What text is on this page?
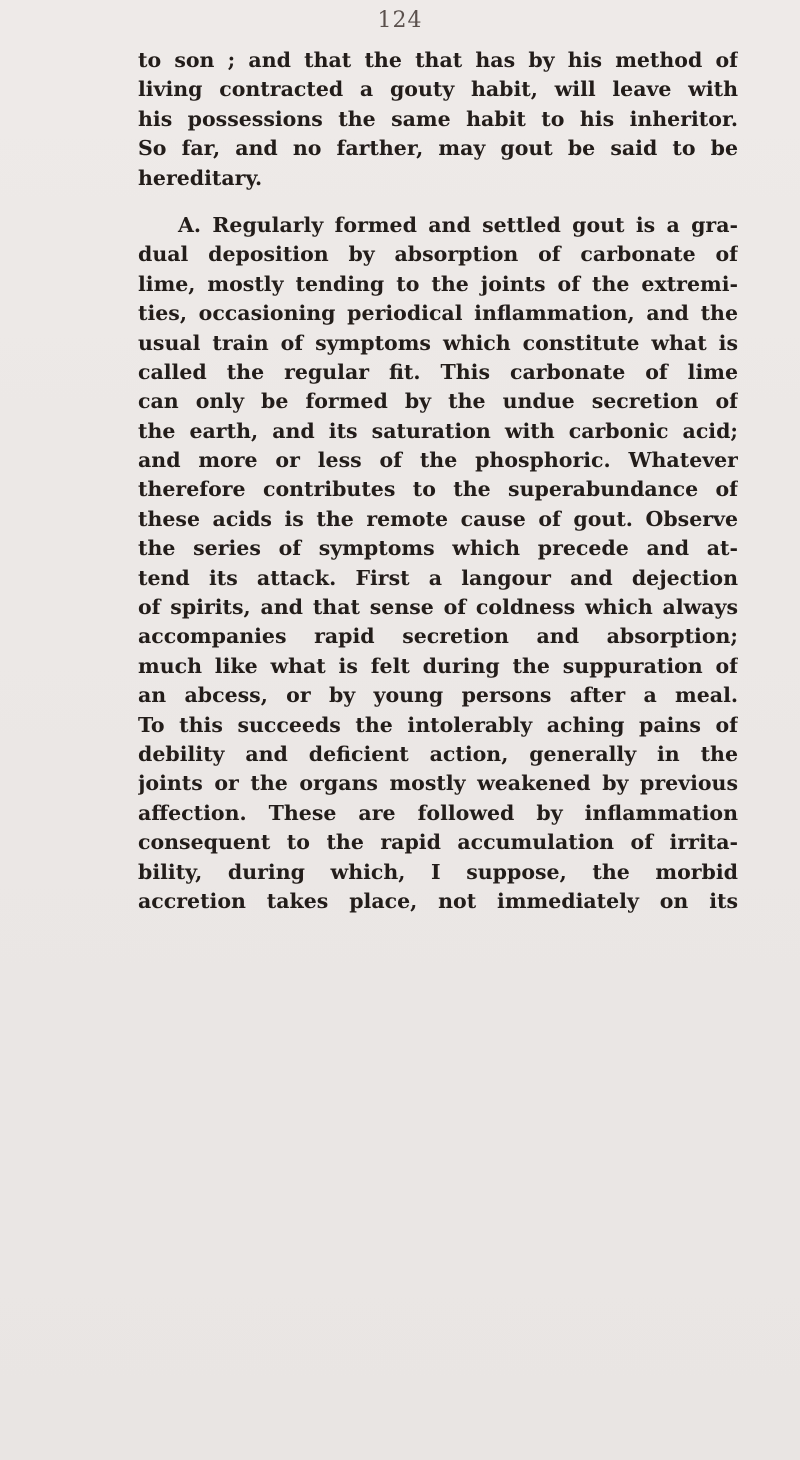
124
to son ; and that the that has by his method of
living contracted a gouty habit, will leave with
his possessions the same habit to his inheritor.
So far, and no farther, may gout be said to be
hereditary.
A. Regularly formed and settled gout is a gra-
dual deposition by absorption of carbonate of
lime, mostly tending to the joints of the extremi-
ties, occasioning periodical inflammation, and the
usual train of symptoms which constitute what is
called the regular fit. This carbonate of lime
can only be formed by the undue secretion of
the earth, and its saturation with carbonic acid;
and more or less of the phosphoric. Whatever
therefore contributes to the superabundance of
these acids is the remote cause of gout. Observe
the series of symptoms which precede and at-
tend its attack. First a langour and dejection
of spirits, and that sense of coldness which always
accompanies rapid secretion and absorption;
much like what is felt during the suppuration of
an abcess, or by young persons after a meal.
To this succeeds the intolerably aching pains of
debility and deficient action, generally in the
joints or the organs mostly weakened by previous
affection. These are followed by inflammation
consequent to the rapid accumulation of irrita-
bility, during which, I suppose, the morbid
accretion takes place, not immediately on its
